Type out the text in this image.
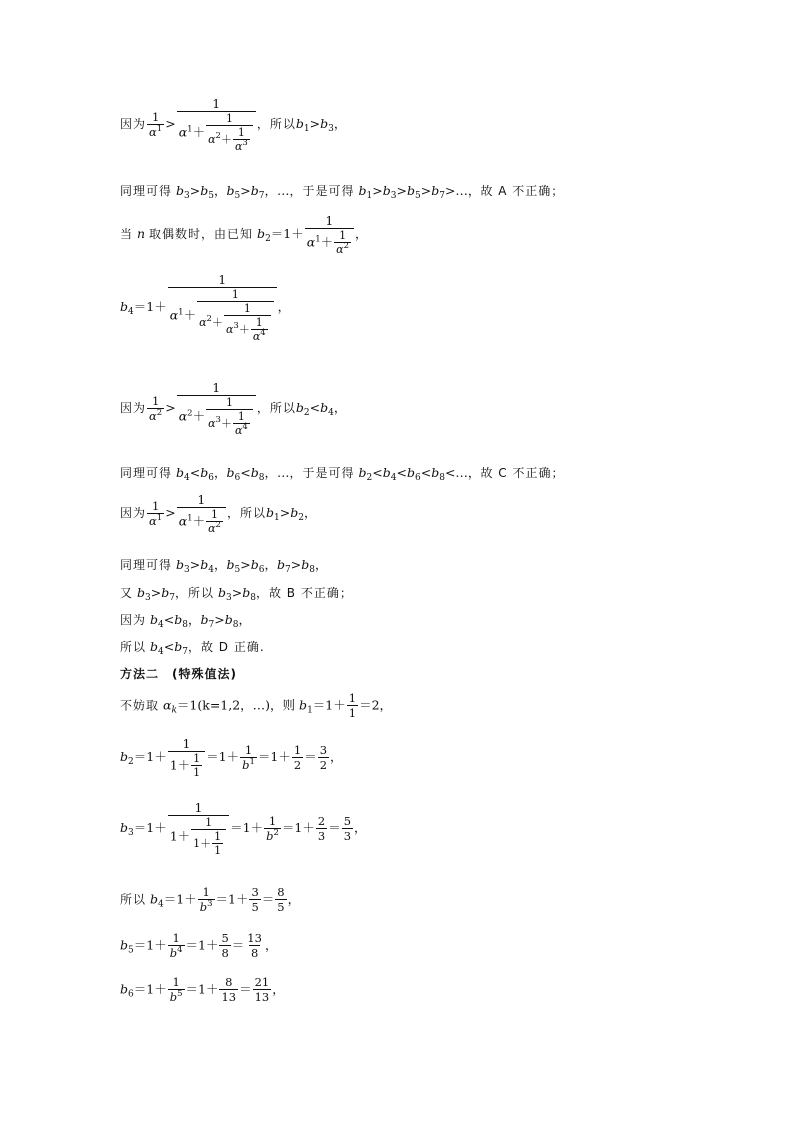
因为 $\frac{1}{\alpha^1} > \frac{1}{\alpha^1+ \frac{1}{\alpha^2+ \frac{1}{\alpha^3}}}$ ，所以$b_1>b_3$，
同理可得 $b_3>b_5$，$b_5>b_7$，…，于是可得 $b_1>b_3>b_5>b_7>\dots$，故 A 不正确；
当 n 取偶数时，由已知 $b_2=1+ \frac{1}{\alpha^1+ \frac{1}{\alpha^2}}$ ，
$b_4=1+ \frac{1}{\alpha^1+ \frac{1}{\alpha^2+ \frac{1}{\alpha^3+ \frac{1}{\alpha^4}}}}$ ，
因为 $\frac{1}{\alpha^2} > \frac{1}{\alpha^2+ \frac{1}{\alpha^3+ \frac{1}{\alpha^4}}}$ ，所以$b_2<b_4$，
同理可得 $b_4<b_6$，$b_6<b_8$，…，于是可得 $b_2<b_4<b_6<b_8<\dots$，故 C 不正确；
因为 $\frac{1}{\alpha^1} > \frac{1}{\alpha^1+ \frac{1}{\alpha^2}}$ ，所以$b_1>b_2$，
同理可得 $b_3>b_4$，$b_5>b_6$，$b_7>b_8$，
又 $b_3>b_7$，所以 $b_3>b_8$，故 B 不正确；
因为 $b_4<b_8$，$b_7>b_8$，
所以 $b_4<b_7$，故 D 正确.
方法二　(特殊值法)
不妨取 $\alpha_k=1(k=1,2$，…)，则 $b_1=1+ \frac{1}{1} =2$，
$b_2=1+ \frac{1}{1+ \frac{1}{1}} =1+ \frac{1}{b^1} =1+ \frac{1}{2} = \frac{3}{2}$ ，
$b_3=1+ \frac{1}{1+ \frac{1}{1+ \frac{1}{1}}} =1+ \frac{1}{b^2} =1+ \frac{2}{3} = \frac{5}{3}$ ，
所以 $b_4=1+ \frac{1}{b^3} =1+ \frac{3}{5} = \frac{8}{5}$ ，
$b_5=1+ \frac{1}{b^4} =1+ \frac{5}{8} = \frac{13}{8}$ ，
$b_6=1+ \frac{1}{b^5} =1+ \frac{8}{13} = \frac{21}{13}$ ，
